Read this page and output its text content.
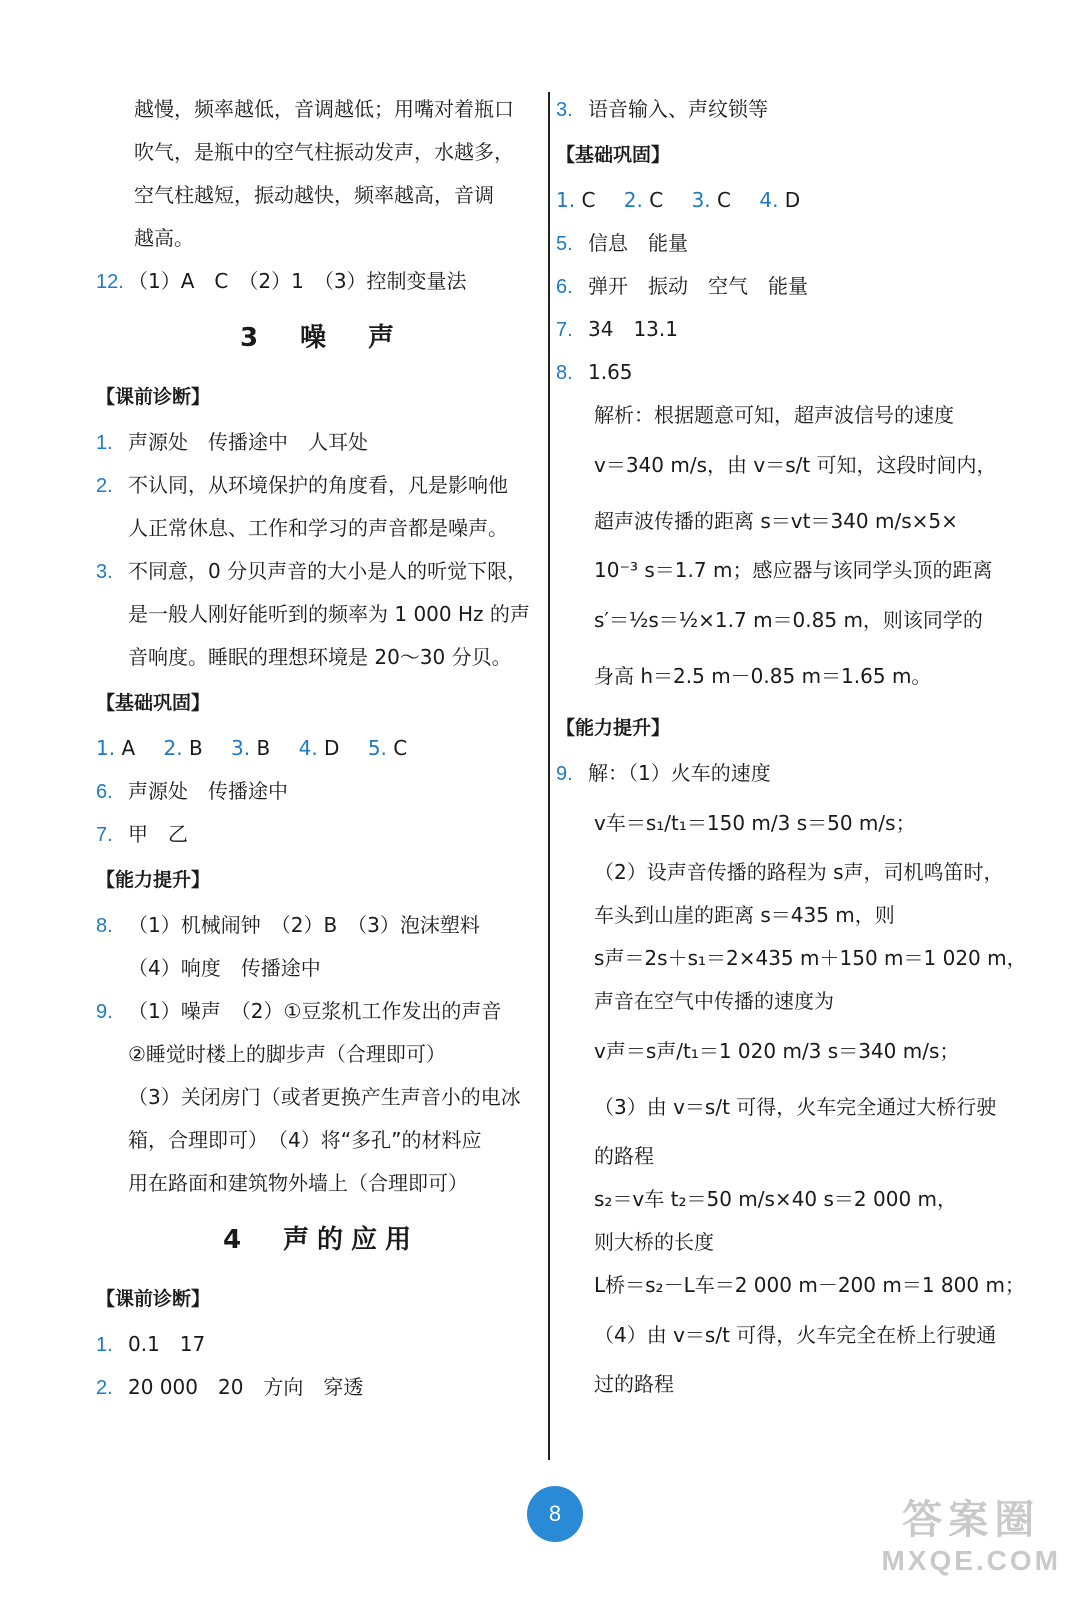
越慢，频率越低，音调越低；用嘴对着瓶口
吹气，是瓶中的空气柱振动发声，水越多，
空气柱越短，振动越快，频率越高，音调
越高。
12. （1）A　C　（2）1　（3）控制变量法
3　噪　声
【课前诊断】
1. 声源处　传播途中　人耳处
2. 不认同，从环境保护的角度看，凡是影响他
人正常休息、工作和学习的声音都是噪声。
3. 不同意，0 分贝声音的大小是人的听觉下限，
是一般人刚好能听到的频率为 1 000 Hz 的声
音响度。睡眠的理想环境是 20～30 分贝。
【基础巩固】
1. A 2. B 3. B 4. D 5. C
6. 声源处　传播途中
7. 甲　乙
【能力提升】
8. （1）机械闹钟　（2）B　（3）泡沫塑料
（4）响度　传播途中
9. （1）噪声　（2）①豆浆机工作发出的声音
②睡觉时楼上的脚步声（合理即可）
（3）关闭房门（或者更换产生声音小的电冰
箱，合理即可）　（4）将“多孔”的材料应
用在路面和建筑物外墙上（合理即可）
4　声的应用
【课前诊断】
1. 0.1　17
2. 20 000　20　方向　穿透
3. 语音输入、声纹锁等
【基础巩固】
1. C 2. C 3. C 4. D
5. 信息　能量
6. 弹开　振动　空气　能量
7. 34　13.1
8. 1.65
解析：根据题意可知，超声波信号的速度
v＝340 m/s，由 v＝s/t 可知，这段时间内，
超声波传播的距离 s＝vt＝340 m/s×5×
10⁻³ s＝1.7 m；感应器与该同学头顶的距离
s′＝½s＝½×1.7 m＝0.85 m，则该同学的
身高 h＝2.5 m－0.85 m＝1.65 m。
【能力提升】
9. 解：（1）火车的速度
v车＝s₁/t₁＝150 m/3 s＝50 m/s；
（2）设声音传播的路程为 s声，司机鸣笛时，
车头到山崖的距离 s＝435 m，则
s声＝2s＋s₁＝2×435 m＋150 m＝1 020 m，
声音在空气中传播的速度为
v声＝s声/t₁＝1 020 m/3 s＝340 m/s；
（3）由 v＝s/t 可得，火车完全通过大桥行驶
的路程
s₂＝v车 t₂＝50 m/s×40 s＝2 000 m，
则大桥的长度
L桥＝s₂－L车＝2 000 m－200 m＝1 800 m；
（4）由 v＝s/t 可得，火车完全在桥上行驶通
过的路程
8	答案圈
MXQE.COM
